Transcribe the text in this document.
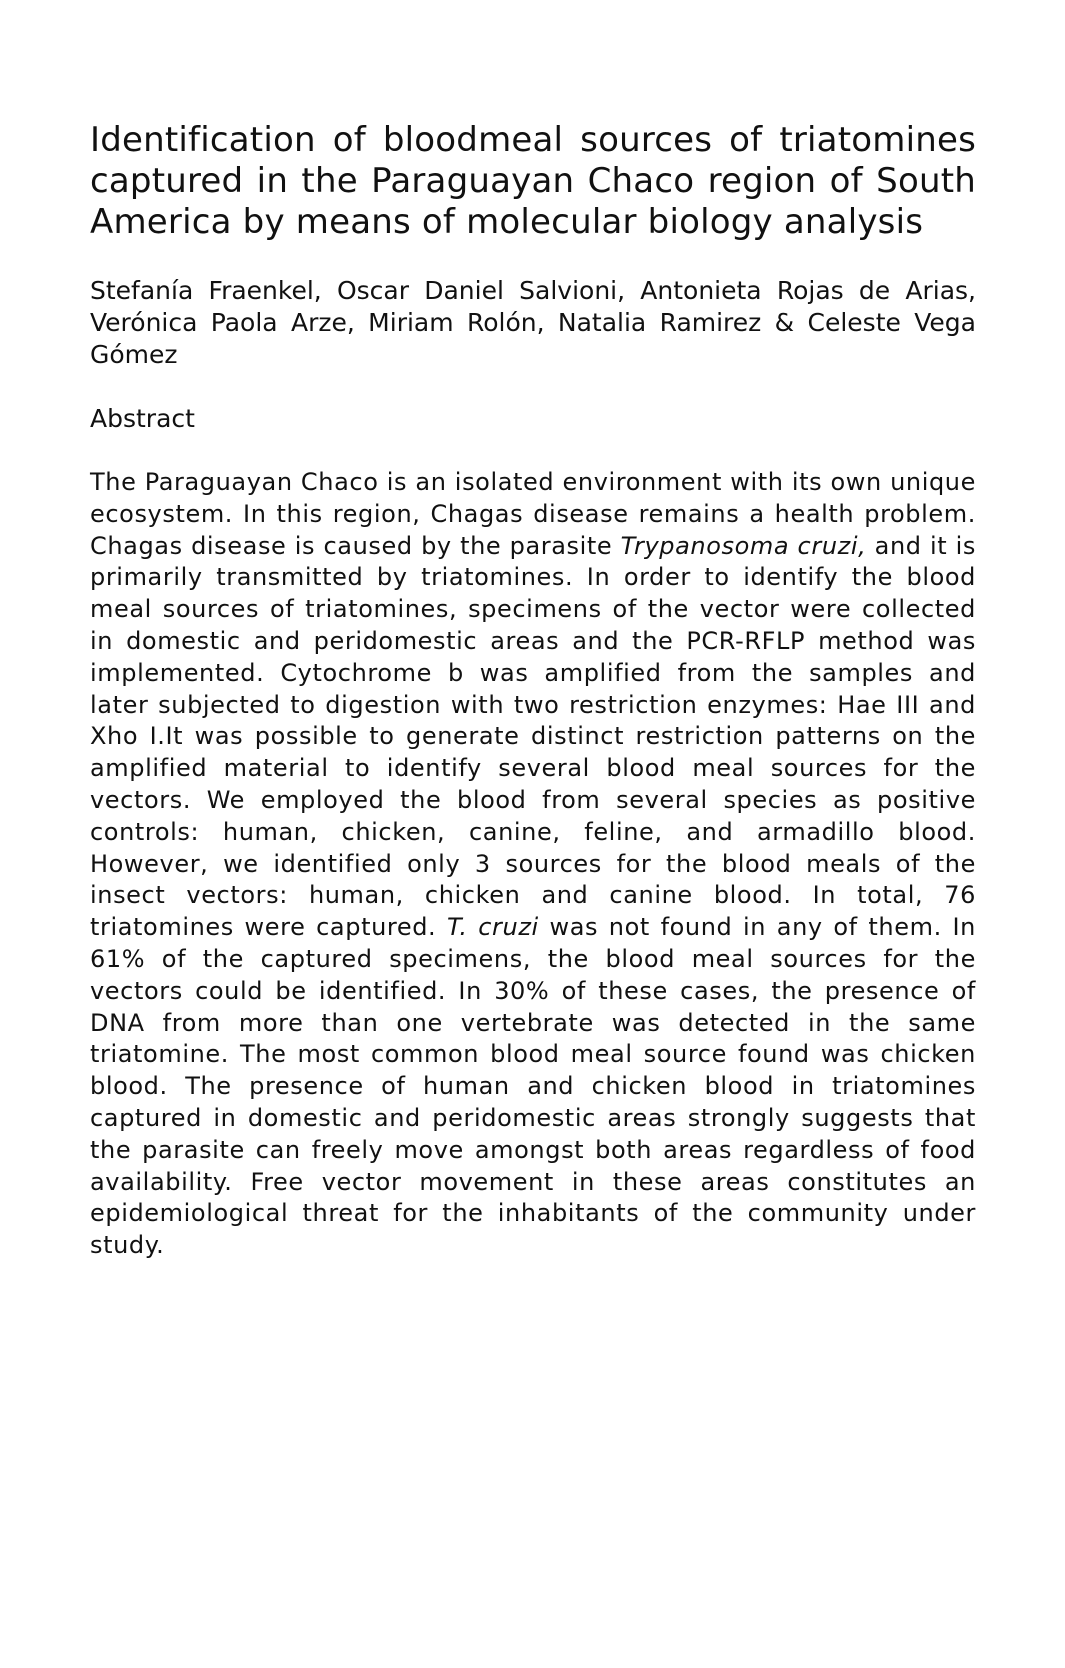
Identification of bloodmeal sources of triatomines captured in the Paraguayan Chaco region of South America by means of molecular biology analysis

Stefanía Fraenkel, Oscar Daniel Salvioni, Antonieta Rojas de Arias, Verónica Paola Arze, Miriam Rolón, Natalia Ramirez & Celeste Vega Gómez

Abstract

The Paraguayan Chaco is an isolated environment with its own unique ecosystem. In this region, Chagas disease remains a health problem. Chagas disease is caused by the parasite Trypanosoma cruzi, and it is primarily transmitted by triatomines. In order to identify the blood meal sources of triatomines, specimens of the vector were collected in domestic and peridomestic areas and the PCR-RFLP method was implemented. Cytochrome b was amplified from the samples and later subjected to digestion with two restriction enzymes: Hae III and Xho I.It was possible to generate distinct restriction patterns on the amplified material to identify several blood meal sources for the vectors. We employed the blood from several species as positive controls: human, chicken, canine, feline, and armadillo blood. However, we identified only 3 sources for the blood meals of the insect vectors: human, chicken and canine blood. In total, 76 triatomines were captured. T. cruzi was not found in any of them. In 61% of the captured specimens, the blood meal sources for the vectors could be identified. In 30% of these cases, the presence of DNA from more than one vertebrate was detected in the same triatomine. The most common blood meal source found was chicken blood. The presence of human and chicken blood in triatomines captured in domestic and peridomestic areas strongly suggests that the parasite can freely move amongst both areas regardless of food availability. Free vector movement in these areas constitutes an epidemiological threat for the inhabitants of the community under study.
